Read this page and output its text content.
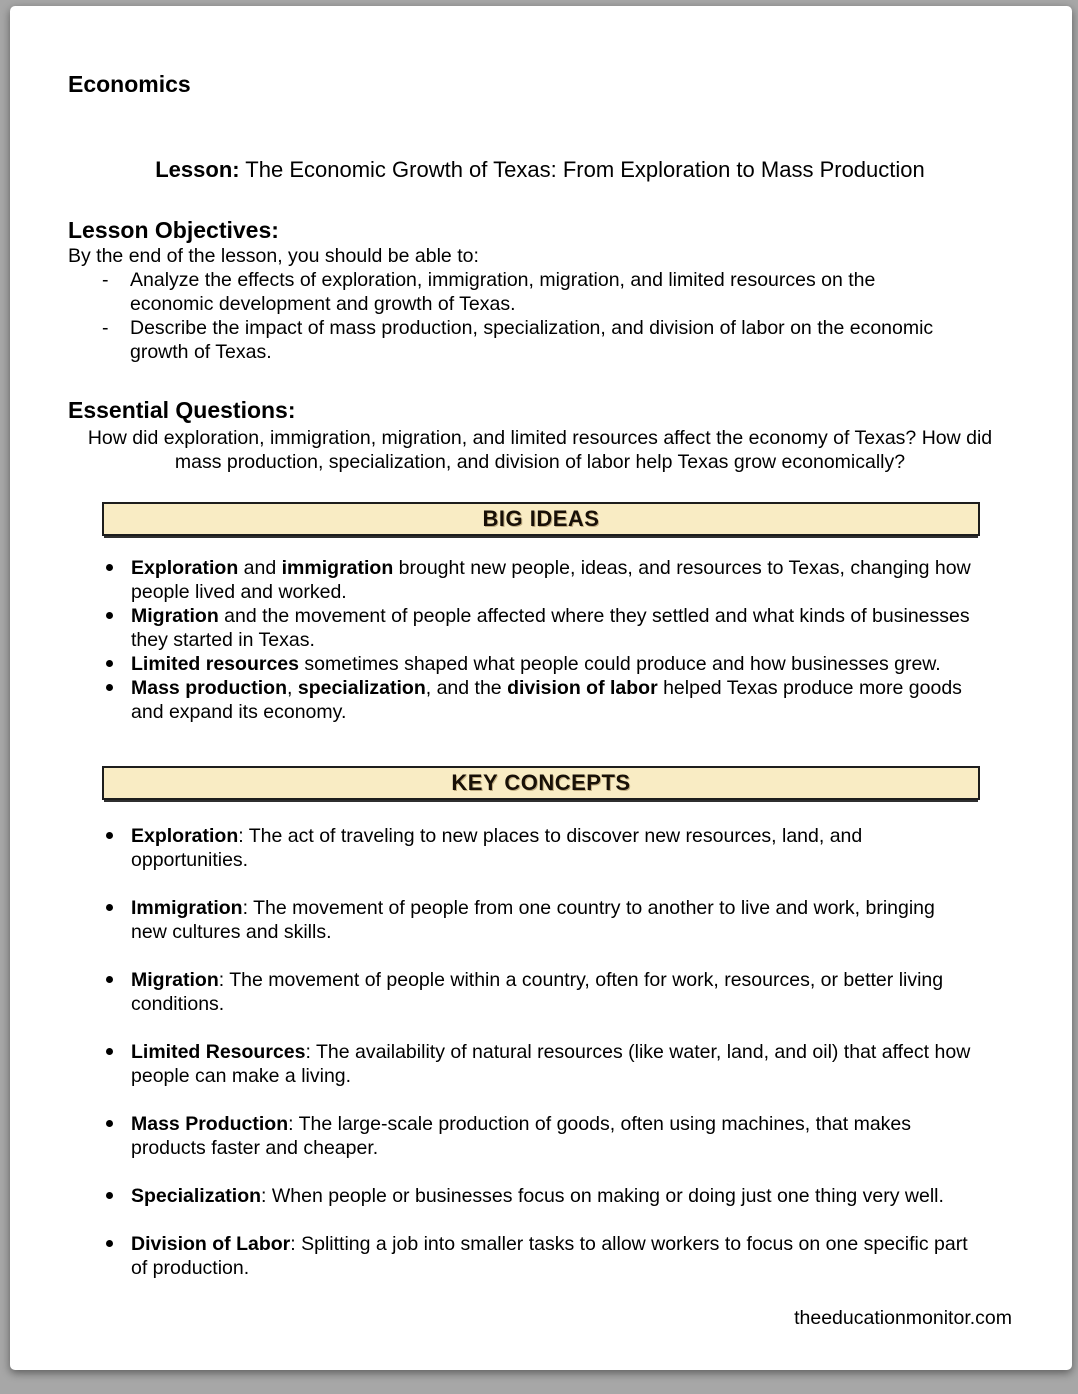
Economics
Lesson: The Economic Growth of Texas: From Exploration to Mass Production
Lesson Objectives:
By the end of the lesson, you should be able to:
- Analyze the effects of exploration, immigration, migration, and limited resources on the economic development and growth of Texas.
- Describe the impact of mass production, specialization, and division of labor on the economic growth of Texas.
Essential Questions:
How did exploration, immigration, migration, and limited resources affect the economy of Texas? How did mass production, specialization, and division of labor help Texas grow economically?
BIG IDEAS
Exploration and immigration brought new people, ideas, and resources to Texas, changing how people lived and worked.
Migration and the movement of people affected where they settled and what kinds of businesses they started in Texas.
Limited resources sometimes shaped what people could produce and how businesses grew.
Mass production, specialization, and the division of labor helped Texas produce more goods and expand its economy.
KEY CONCEPTS
Exploration: The act of traveling to new places to discover new resources, land, and opportunities.
Immigration: The movement of people from one country to another to live and work, bringing new cultures and skills.
Migration: The movement of people within a country, often for work, resources, or better living conditions.
Limited Resources: The availability of natural resources (like water, land, and oil) that affect how people can make a living.
Mass Production: The large-scale production of goods, often using machines, that makes products faster and cheaper.
Specialization: When people or businesses focus on making or doing just one thing very well.
Division of Labor: Splitting a job into smaller tasks to allow workers to focus on one specific part of production.
theeducationmonitor.com
